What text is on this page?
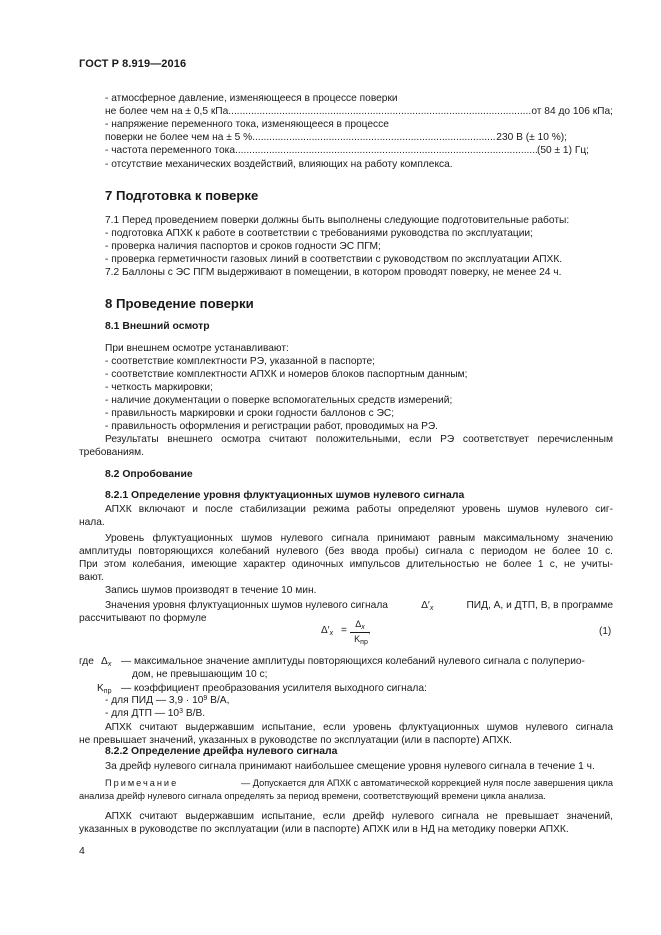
ГОСТ Р 8.919—2016
- атмосферное давление, изменяющееся в процессе поверки
не более чем на ± 0,5 кПа .....	от 84 до 106 кПа;
- напряжение переменного тока, изменяющееся в процессе
поверки не более чем на ± 5 % .....	230 В (± 10 %);
- частота переменного тока .....	(50 ± 1) Гц;
- отсутствие механических воздействий, влияющих на работу комплекса.
7 Подготовка к поверке
7.1 Перед проведением поверки должны быть выполнены следующие подготовительные работы:
- подготовка АПХК к работе в соответствии с требованиями руководства по эксплуатации;
- проверка наличия паспортов и сроков годности ЭС ПГМ;
- проверка герметичности газовых линий в соответствии с руководством по эксплуатации АПХК.
7.2 Баллоны с ЭС ПГМ выдерживают в помещении, в котором проводят поверку, не менее 24 ч.
8 Проведение поверки
8.1 Внешний осмотр
При внешнем осмотре устанавливают:
- соответствие комплектности РЭ, указанной в паспорте;
- соответствие комплектности АПХК и номеров блоков паспортным данным;
- четкость маркировки;
- наличие документации о поверке вспомогательных средств измерений;
- правильность маркировки и сроки годности баллонов с ЭС;
- правильность оформления и регистрации работ, проводимых на РЭ.
Результаты внешнего осмотра считают положительными, если РЭ соответствует перечисленным
требованиям.
8.2 Опробование
8.2.1 Определение уровня флуктуационных шумов нулевого сигнала
АПХК включают и после стабилизации режима работы определяют уровень шумов нулевого сиг-
нала.
Уровень флуктуационных шумов нулевого сигнала принимают равным максимальному значению
амплитуды повторяющихся колебаний нулевого (без ввода пробы) сигнала с периодом не более 10 с.
При этом колебания, имеющие характер одиночных импульсов длительностью не более 1 с, не учиты-
вают.
Запись шумов производят в течение 10 мин.
Значения уровня флуктуационных шумов нулевого сигнала	$\Delta'_x$	ПИД, А, и ДТП, В, в программе
рассчитывают по формуле
$\Delta'_x$ =
$\Delta_x$
$K_{пр}$
,	(1)
где $\Delta_x$ — максимальное значение амплитуды повторяющихся колебаний нулевого сигнала с полуперио-
дом, не превышающим 10 с;
$K_{пр}$ — коэффициент преобразования усилителя выходного сигнала:
- для ПИД — $3,9 \cdot 10^9$ В/А,
- для ДТП — $10^3$ В/В.
АПХК считают выдержавшим испытание, если уровень флуктуационных шумов нулевого сигнала
не превышает значений, указанных в руководстве по эксплуатации (или в паспорте) АПХК.
8.2.2 Определение дрейфа нулевого сигнала
За дрейф нулевого сигнала принимают наибольшее смещение уровня нулевого сигнала в течение 1 ч.
Примечание	— Допускается для АПХК с автоматической коррекцией нуля после завершения цикла
анализа дрейф нулевого сигнала определять за период времени, соответствующий времени цикла анализа.
АПХК считают выдержавшим испытание, если дрейф нулевого сигнала не превышает значений,
указанных в руководстве по эксплуатации (или в паспорте) АПХК или в НД на методику поверки АПХК.
4
